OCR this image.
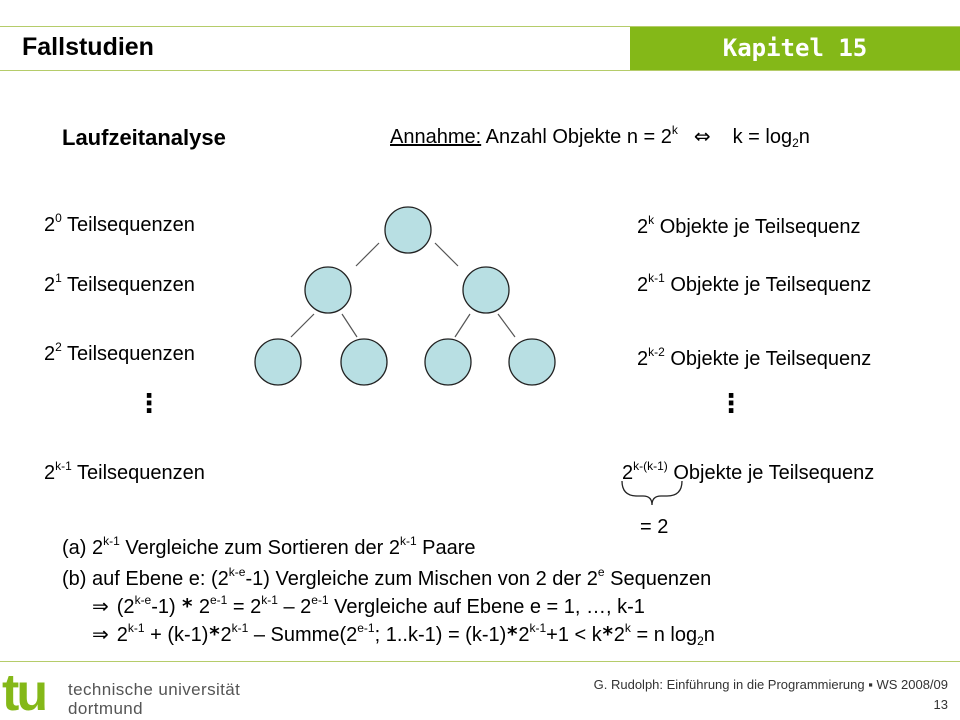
Fallstudien	Kapitel 15
Laufzeitanalyse	Annahme: Anzahl Objekte $n = 2^k$ ⇔ $k = \log_2n$
$2^0$ Teilsequenzen
$2^1$ Teilsequenzen
$2^2$ Teilsequenzen
2$^{k-1}$ Teilsequenzen
2$^k$ Objekte je Teilsequenz
2$^{k-1}$ Objekte je Teilsequenz
2$^{k-2}$ Objekte je Teilsequenz
$2^{k-(k-1)}$ Objekte je Teilsequenz
⋮	⋮
= 2
(a) 2$^{k-1}$ Vergleiche zum Sortieren der 2$^{k-1}$ Paare
(b) auf Ebene e: (2$^{k-e}$-1) Vergleiche zum Mischen von 2 der 2e Sequenzen
⇒ $(2^{k-e}-1) * 2^{e-1} = 2^{k-1} - 2^{e-1}$ Vergleiche auf Ebene e = 1, …, k-1
⇒ $2^{k-1} + (k-1)*2^{k-1}$ – Summe(2$^{e-1}$; $1..k-1) = (k-1)*2^{k-1}+1 < k*2^k = n$ $\log_2n$
tu technische universität
dortmund
G. Rudolph: Einführung in die Programmierung ▪ WS 2008/09
13
